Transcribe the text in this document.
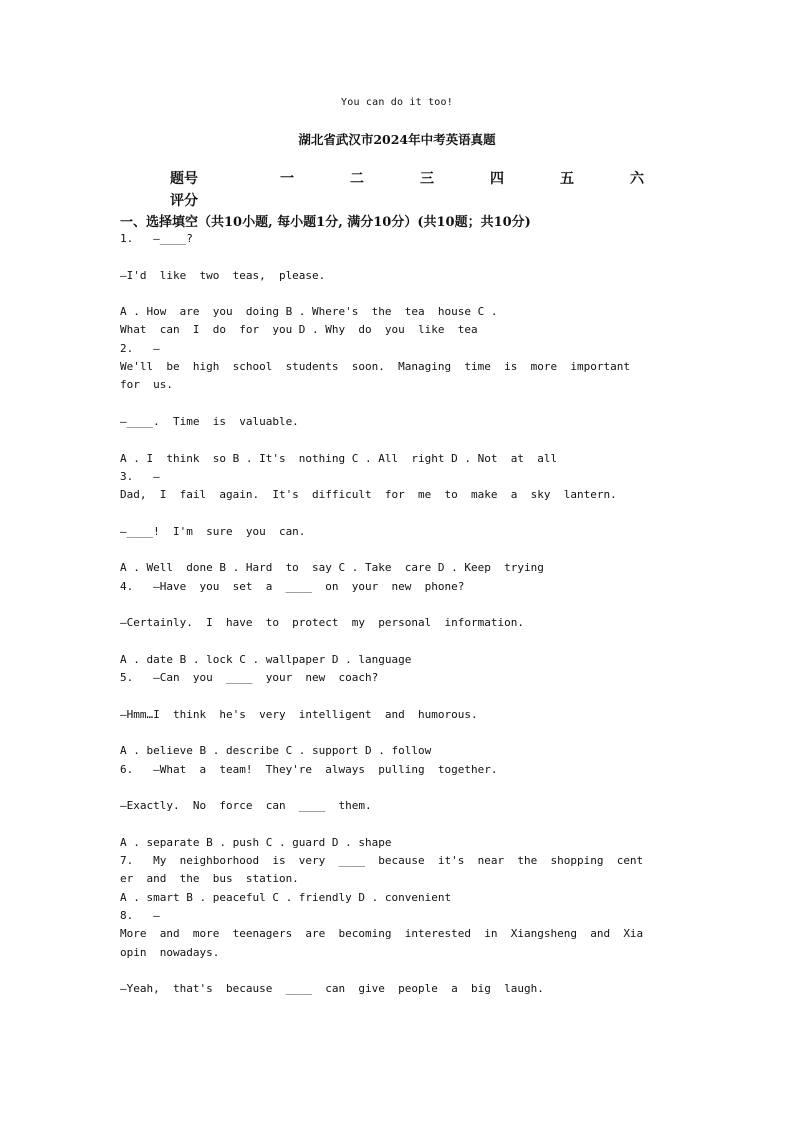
You can do it too!
湖北省武汉市2024年中考英语真题
题号	一	二	三	四	五	六
评分
一、选择填空（共10小题, 每小题1分, 满分10分）(共10题；共10分)
1.   —____?
—I'd  like  two  teas,  please.
A . How  are  you  doing B . Where's  the  tea  house C .
What  can  I  do  for  you D . Why  do  you  like  tea
2.   —
We'll  be  high  school  students  soon.  Managing  time  is  more  important
for  us.
—____.  Time  is  valuable.
A . I  think  so B . It's  nothing C . All  right D . Not  at  all
3.   —
Dad,  I  fail  again.  It's  difficult  for  me  to  make  a  sky  lantern.
—____!  I'm  sure  you  can.
A . Well  done B . Hard  to  say C . Take  care D . Keep  trying
4.   —Have  you  set  a  ____  on  your  new  phone?
—Certainly.  I  have  to  protect  my  personal  information.
A . date B . lock C . wallpaper D . language
5.   —Can  you  ____  your  new  coach?
—Hmm…I  think  he's  very  intelligent  and  humorous.
A . believe B . describe C . support D . follow
6.   —What  a  team!  They're  always  pulling  together.
—Exactly.  No  force  can  ____  them.
A . separate B . push C . guard D . shape
7.   My  neighborhood  is  very  ____  because  it's  near  the  shopping  cent
er  and  the  bus  station.
A . smart B . peaceful C . friendly D . convenient
8.   —
More  and  more  teenagers  are  becoming  interested  in  Xiangsheng  and  Xia
opin  nowadays.
—Yeah,  that's  because  ____  can  give  people  a  big  laugh.
